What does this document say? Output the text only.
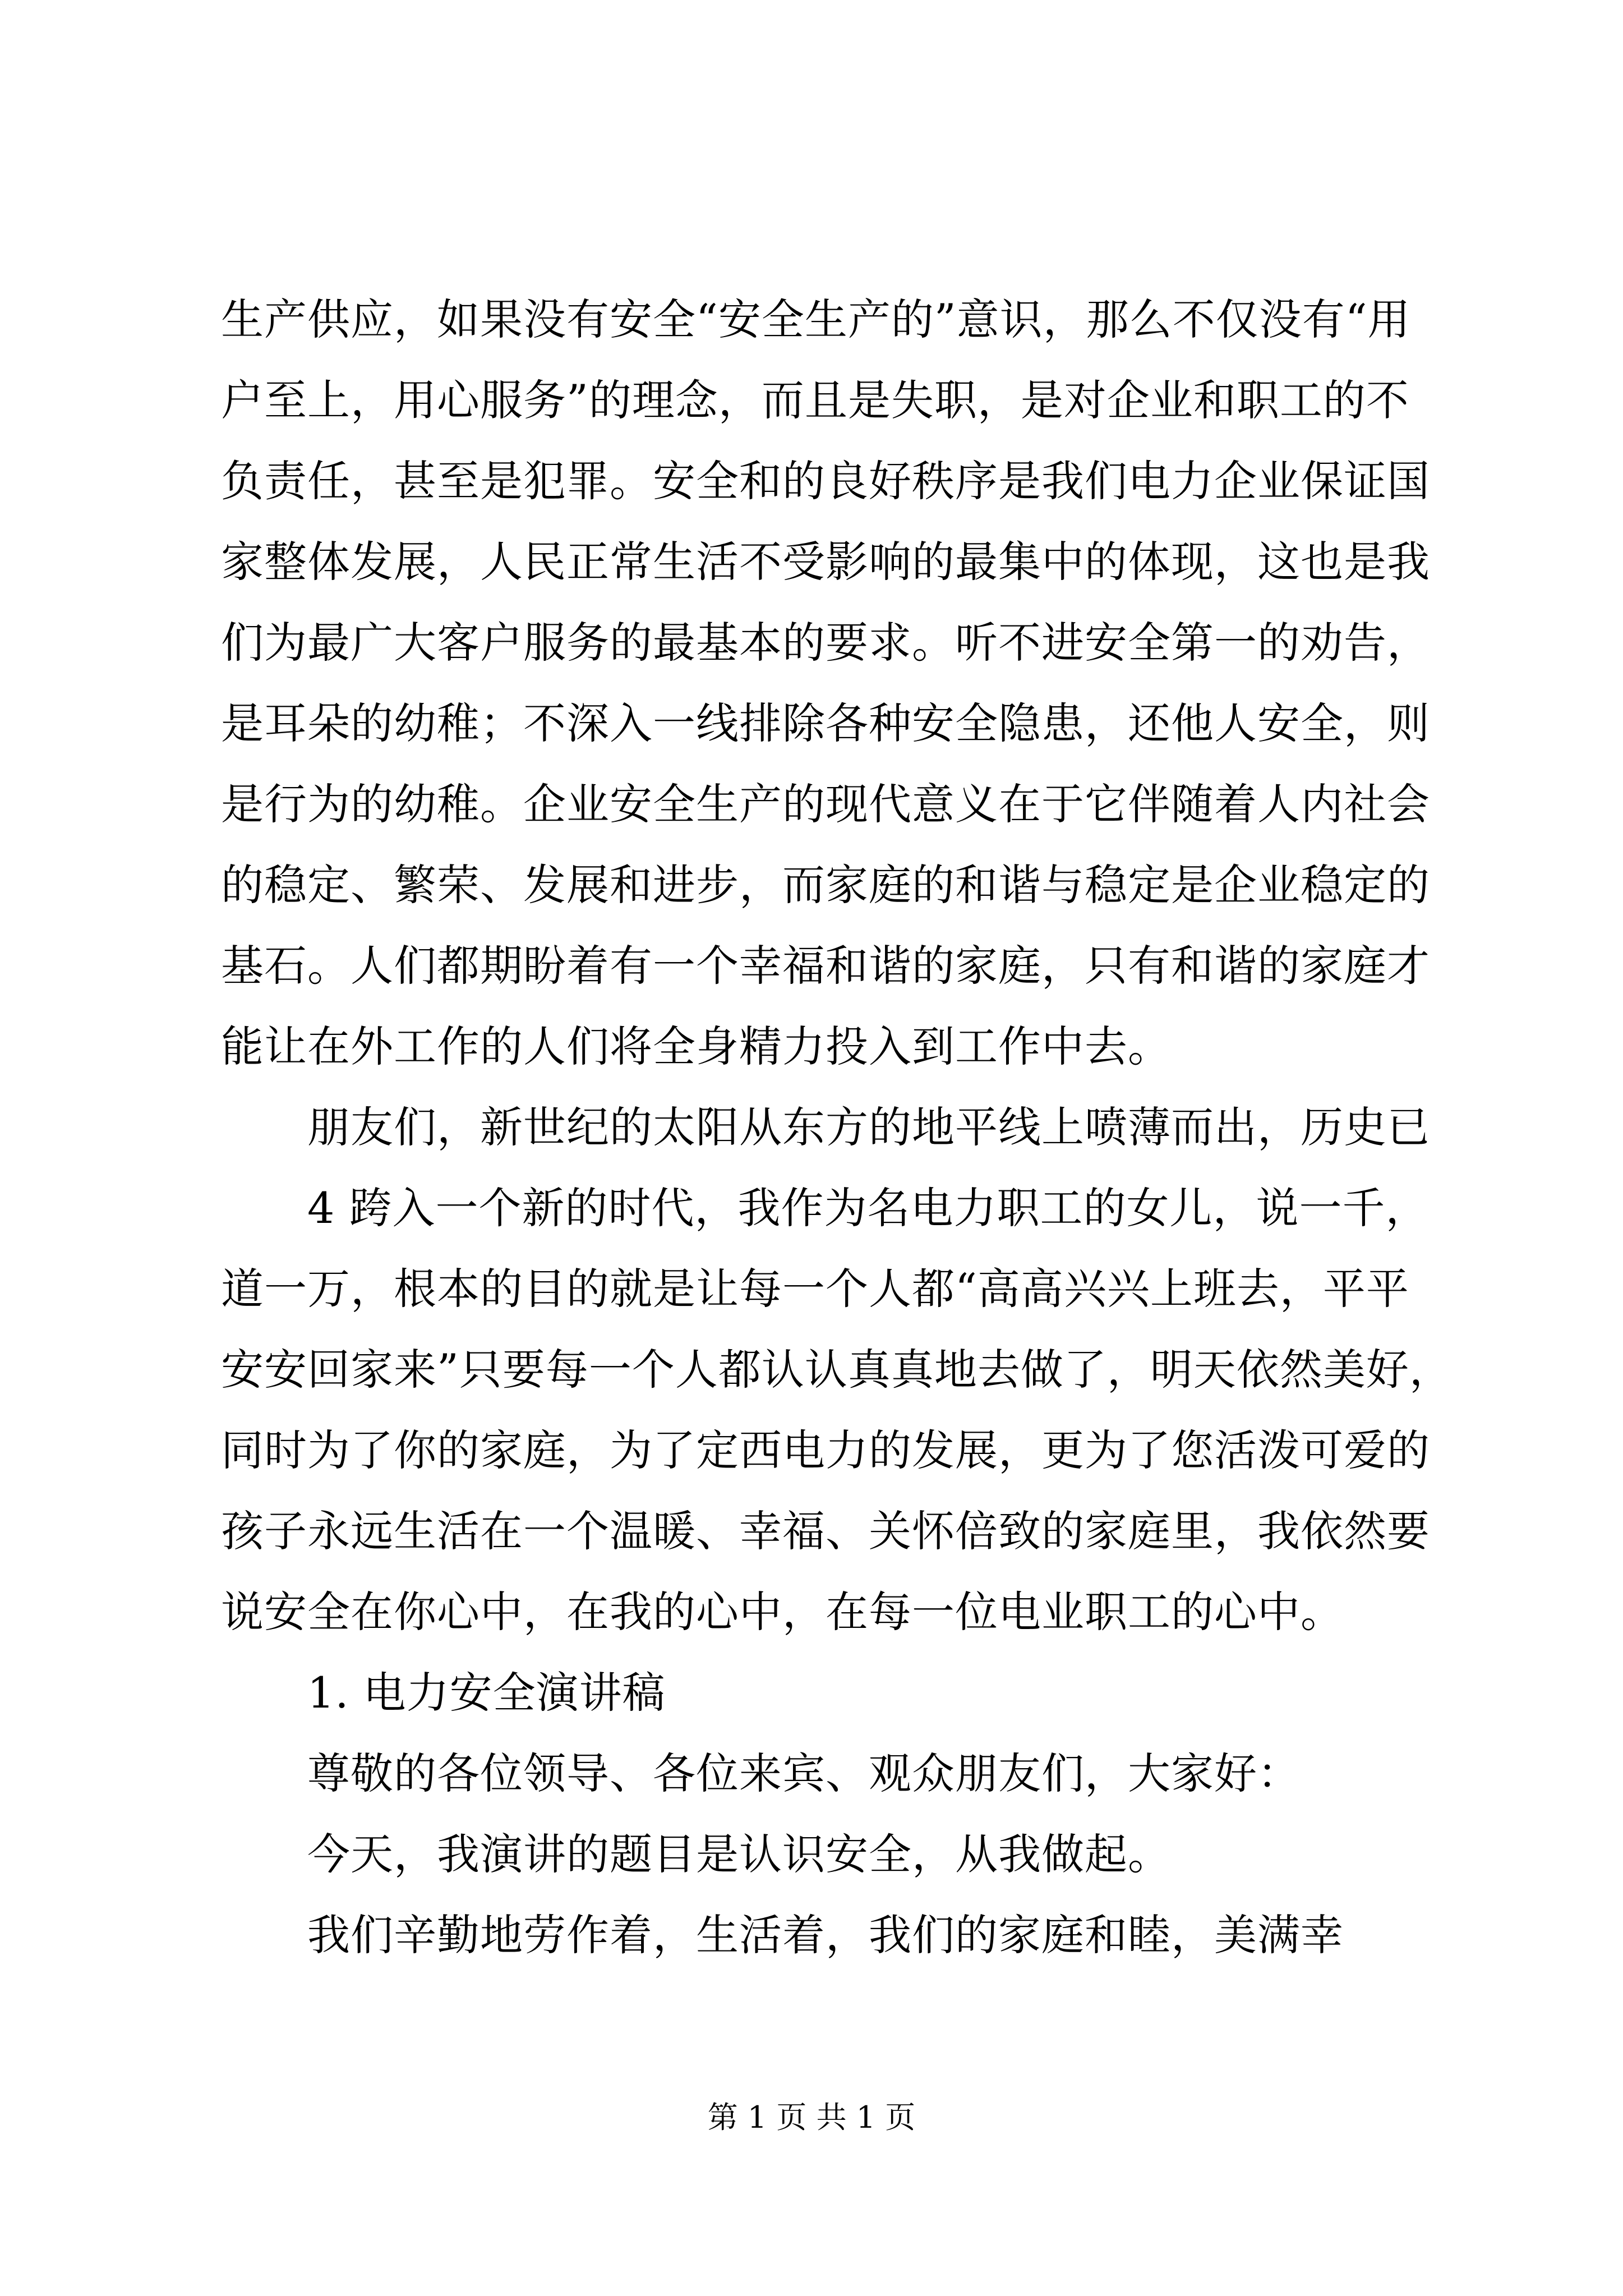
生产供应，如果没有安全“安全生产的”意识，那么不仅没有“用
户至上，用心服务”的理念，而且是失职，是对企业和职工的不
负责任，甚至是犯罪。安全和的良好秩序是我们电力企业保证国
家整体发展，人民正常生活不受影响的最集中的体现，这也是我
们为最广大客户服务的最基本的要求。听不进安全第一的劝告，
是耳朵的幼稚；不深入一线排除各种安全隐患，还他人安全，则
是行为的幼稚。企业安全生产的现代意义在于它伴随着人内社会
的稳定、繁荣、发展和进步，而家庭的和谐与稳定是企业稳定的
基石。人们都期盼着有一个幸福和谐的家庭，只有和谐的家庭才
能让在外工作的人们将全身精力投入到工作中去。
　　朋友们，新世纪的太阳从东方的地平线上喷薄而出，历史已
　　4 跨入一个新的时代，我作为名电力职工的女儿，说一千，
道一万，根本的目的就是让每一个人都“高高兴兴上班去，平平
安安回家来”只要每一个人都认认真真地去做了，明天依然美好，
同时为了你的家庭，为了定西电力的发展，更为了您活泼可爱的
孩子永远生活在一个温暖、幸福、关怀倍致的家庭里，我依然要
说安全在你心中，在我的心中，在每一位电业职工的心中。
　　1. 电力安全演讲稿
　　尊敬的各位领导、各位来宾、观众朋友们，大家好：
　　今天，我演讲的题目是认识安全，从我做起。
　　我们辛勤地劳作着，生活着，我们的家庭和睦，美满幸
第 1 页 共 1 页
